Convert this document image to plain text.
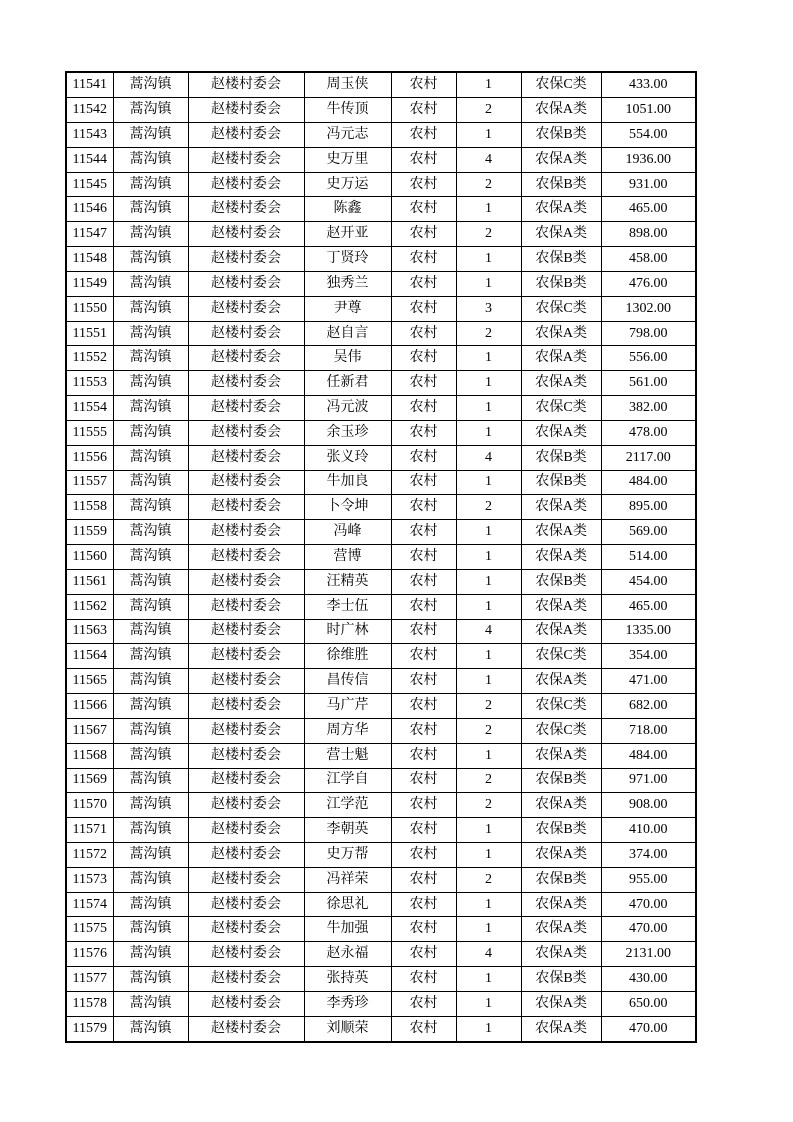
11541	蒿沟镇	赵楼村委会	周玉侠	农村	1	农保C类	433.00
11542	蒿沟镇	赵楼村委会	牛传顶	农村	2	农保A类	1051.00
11543	蒿沟镇	赵楼村委会	冯元志	农村	1	农保B类	554.00
11544	蒿沟镇	赵楼村委会	史万里	农村	4	农保A类	1936.00
11545	蒿沟镇	赵楼村委会	史万运	农村	2	农保B类	931.00
11546	蒿沟镇	赵楼村委会	陈鑫	农村	1	农保A类	465.00
11547	蒿沟镇	赵楼村委会	赵开亚	农村	2	农保A类	898.00
11548	蒿沟镇	赵楼村委会	丁贤玲	农村	1	农保B类	458.00
11549	蒿沟镇	赵楼村委会	独秀兰	农村	1	农保B类	476.00
11550	蒿沟镇	赵楼村委会	尹尊	农村	3	农保C类	1302.00
11551	蒿沟镇	赵楼村委会	赵自言	农村	2	农保A类	798.00
11552	蒿沟镇	赵楼村委会	吴伟	农村	1	农保A类	556.00
11553	蒿沟镇	赵楼村委会	任新君	农村	1	农保A类	561.00
11554	蒿沟镇	赵楼村委会	冯元波	农村	1	农保C类	382.00
11555	蒿沟镇	赵楼村委会	余玉珍	农村	1	农保A类	478.00
11556	蒿沟镇	赵楼村委会	张义玲	农村	4	农保B类	2117.00
11557	蒿沟镇	赵楼村委会	牛加良	农村	1	农保B类	484.00
11558	蒿沟镇	赵楼村委会	卜令坤	农村	2	农保A类	895.00
11559	蒿沟镇	赵楼村委会	冯峰	农村	1	农保A类	569.00
11560	蒿沟镇	赵楼村委会	营博	农村	1	农保A类	514.00
11561	蒿沟镇	赵楼村委会	汪精英	农村	1	农保B类	454.00
11562	蒿沟镇	赵楼村委会	李士伍	农村	1	农保A类	465.00
11563	蒿沟镇	赵楼村委会	时广林	农村	4	农保A类	1335.00
11564	蒿沟镇	赵楼村委会	徐维胜	农村	1	农保C类	354.00
11565	蒿沟镇	赵楼村委会	昌传信	农村	1	农保A类	471.00
11566	蒿沟镇	赵楼村委会	马广芹	农村	2	农保C类	682.00
11567	蒿沟镇	赵楼村委会	周方华	农村	2	农保C类	718.00
11568	蒿沟镇	赵楼村委会	营士魁	农村	1	农保A类	484.00
11569	蒿沟镇	赵楼村委会	江学自	农村	2	农保B类	971.00
11570	蒿沟镇	赵楼村委会	江学范	农村	2	农保A类	908.00
11571	蒿沟镇	赵楼村委会	李朝英	农村	1	农保B类	410.00
11572	蒿沟镇	赵楼村委会	史万帮	农村	1	农保A类	374.00
11573	蒿沟镇	赵楼村委会	冯祥荣	农村	2	农保B类	955.00
11574	蒿沟镇	赵楼村委会	徐思礼	农村	1	农保A类	470.00
11575	蒿沟镇	赵楼村委会	牛加强	农村	1	农保A类	470.00
11576	蒿沟镇	赵楼村委会	赵永福	农村	4	农保A类	2131.00
11577	蒿沟镇	赵楼村委会	张持英	农村	1	农保B类	430.00
11578	蒿沟镇	赵楼村委会	李秀珍	农村	1	农保A类	650.00
11579	蒿沟镇	赵楼村委会	刘顺荣	农村	1	农保A类	470.00
